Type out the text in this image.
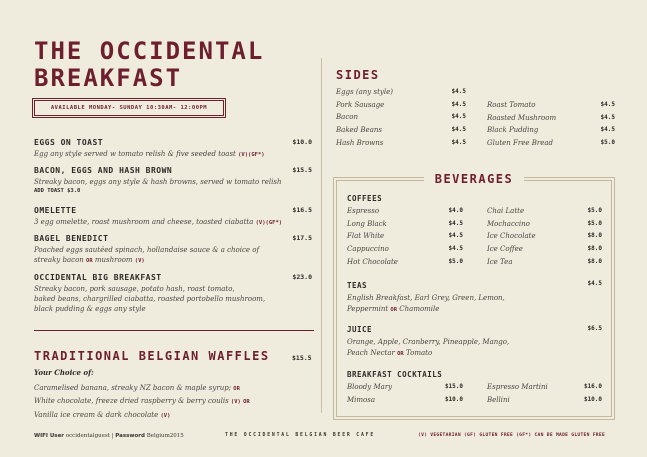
THE OCCIDENTAL
BREAKFAST
AVAILABLE MONDAY- SUNDAY 10:30AM- 12:00PM
EGGS ON TOAST	$10.0
Egg any style served w tomato relish & five seeded toast (V)(GF*)
BACON, EGGS AND HASH BROWN	$15.5
Streaky bacon, eggs any style & hash browns, served w tomato relish
ADD TOAST $3.0
OMELETTE	$16.5
3 egg omelette, roast mushroom and cheese, toasted ciabatta (V)(GF*)
BAGEL BENEDICT	$17.5
Poached eggs sautéed spinach, hollandaise sauce & a choice of
streaky bacon OR mushroom (V)
OCCIDENTAL BIG BREAKFAST	$23.0
Streaky bacon, pork sausage, potato hash, roast tomato,
baked beans, chargrilled ciabatta, roasted portobello mushroom,
black pudding & eggs any style
TRADITIONAL BELGIAN WAFFLES	$15.5
Your Choice of:
Caramelised banana, streaky NZ bacon & maple syrup; OR
White chocolate, freeze dried raspberry & berry coulis (V) OR
Vanilla ice cream & dark chocolate (V)
SIDES
Eggs (any style)	$4.5
Pork Sausage	$4.5
Bacon	$4.5
Baked Beans	$4.5
Hash Browns	$4.5
Roast Tomato	$4.5
Roasted Mushroom	$4.5
Black Pudding	$4.5
Gluten Free Bread	$5.0
BEVERAGES
COFFEES
Espresso	$4.0
Long Black	$4.5
Flat White	$4.5
Cappuccino	$4.5
Hot Chocolate	$5.0
Chai Latte	$5.0
Mochaccino	$5.0
Ice Chocolate	$8.0
Ice Coffee	$8.0
Ice Tea	$8.0
TEAS	$4.5
English Breakfast, Earl Grey, Green, Lemon,
Peppermint OR Chamomile
JUICE	$6.5
Orange, Apple, Cranberry, Pineapple, Mango,
Peach Nectar OR Tomato
BREAKFAST COCKTAILS
Bloody Mary	$15.0
Mimosa	$10.0
Espresso Martini	$16.0
Bellini	$10.0
WIFI User occidentalguest | Password Belgium2015	THE OCCIDENTAL BELGIAN BEER CAFE	(V) VEGETARIAN (GF) GLUTEN FREE (GF*) CAN BE MADE GLUTEN FREE
